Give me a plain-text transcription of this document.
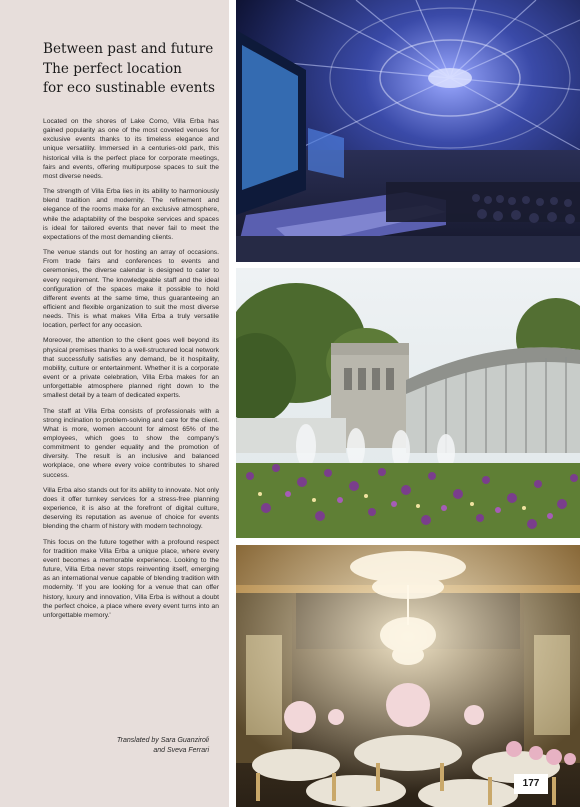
Between past and future
The perfect location
for eco sustinable events

Located on the shores of Lake Como, Villa Erba has gained popularity as one of the most coveted venues for exclusive events thanks to its timeless elegance and unique versatility. Immersed in a centuries-old park, this historical villa is the perfect place for corporate meetings, fairs and events, offering multipurpose spaces to suit the most diverse needs.

The strength of Villa Erba lies in its ability to harmoniously blend tradition and modernity. The refinement and elegance of the rooms make for an exclusive atmosphere, while the adaptability of the bespoke services and spaces is ideal for tailored events that never fail to meet the expectations of the most demanding clients.

The venue stands out for hosting an array of occasions. From trade fairs and conferences to events and ceremonies, the diverse calendar is designed to cater to every requirement. The knowledgeable staff and the ideal configuration of the spaces make it possible to hold different events at the same time, thus guaranteeing an efficient and flexible organization to suit the most diverse needs. This is what makes Villa Erba a truly versatile location, perfect for any occasion.

Moreover, the attention to the client goes well beyond its physical premises thanks to a well-structured local network that successfully satisfies any demand, be it hospitality, mobility, culture or entertainment. Whether it is a corporate event or a private celebration, Villa Erba makes for an unforgettable atmosphere planned right down to the smallest detail by a team of dedicated experts.

The staff at Villa Erba consists of professionals with a strong inclination to problem-solving and care for the client. What is more, women account for almost 65% of the employees, which goes to show the company's commitment to gender equality and the promotion of diversity. The result is an inclusive and balanced workplace, one where every voice contributes to shared success.

Villa Erba also stands out for its ability to innovate. Not only does it offer turnkey services for a stress-free planning experience, it is also at the forefront of digital culture, deserving its reputation as avenue of choice for events blending the charm of history with modern technology.

This focus on the future together with a profound respect for tradition make Villa Erba a unique place, where every event becomes a memorable experience. Looking to the future, Villa Erba never stops reinventing itself, emerging as an international venue capable of blending tradition with modernity. 'If you are looking for a venue that can offer history, luxury and innovation, Villa Erba is without a doubt the perfect choice, a place where every event turns into an unforgettable memory.'

Translated by Sara Guanziroli
and Sveva Ferrari
177
